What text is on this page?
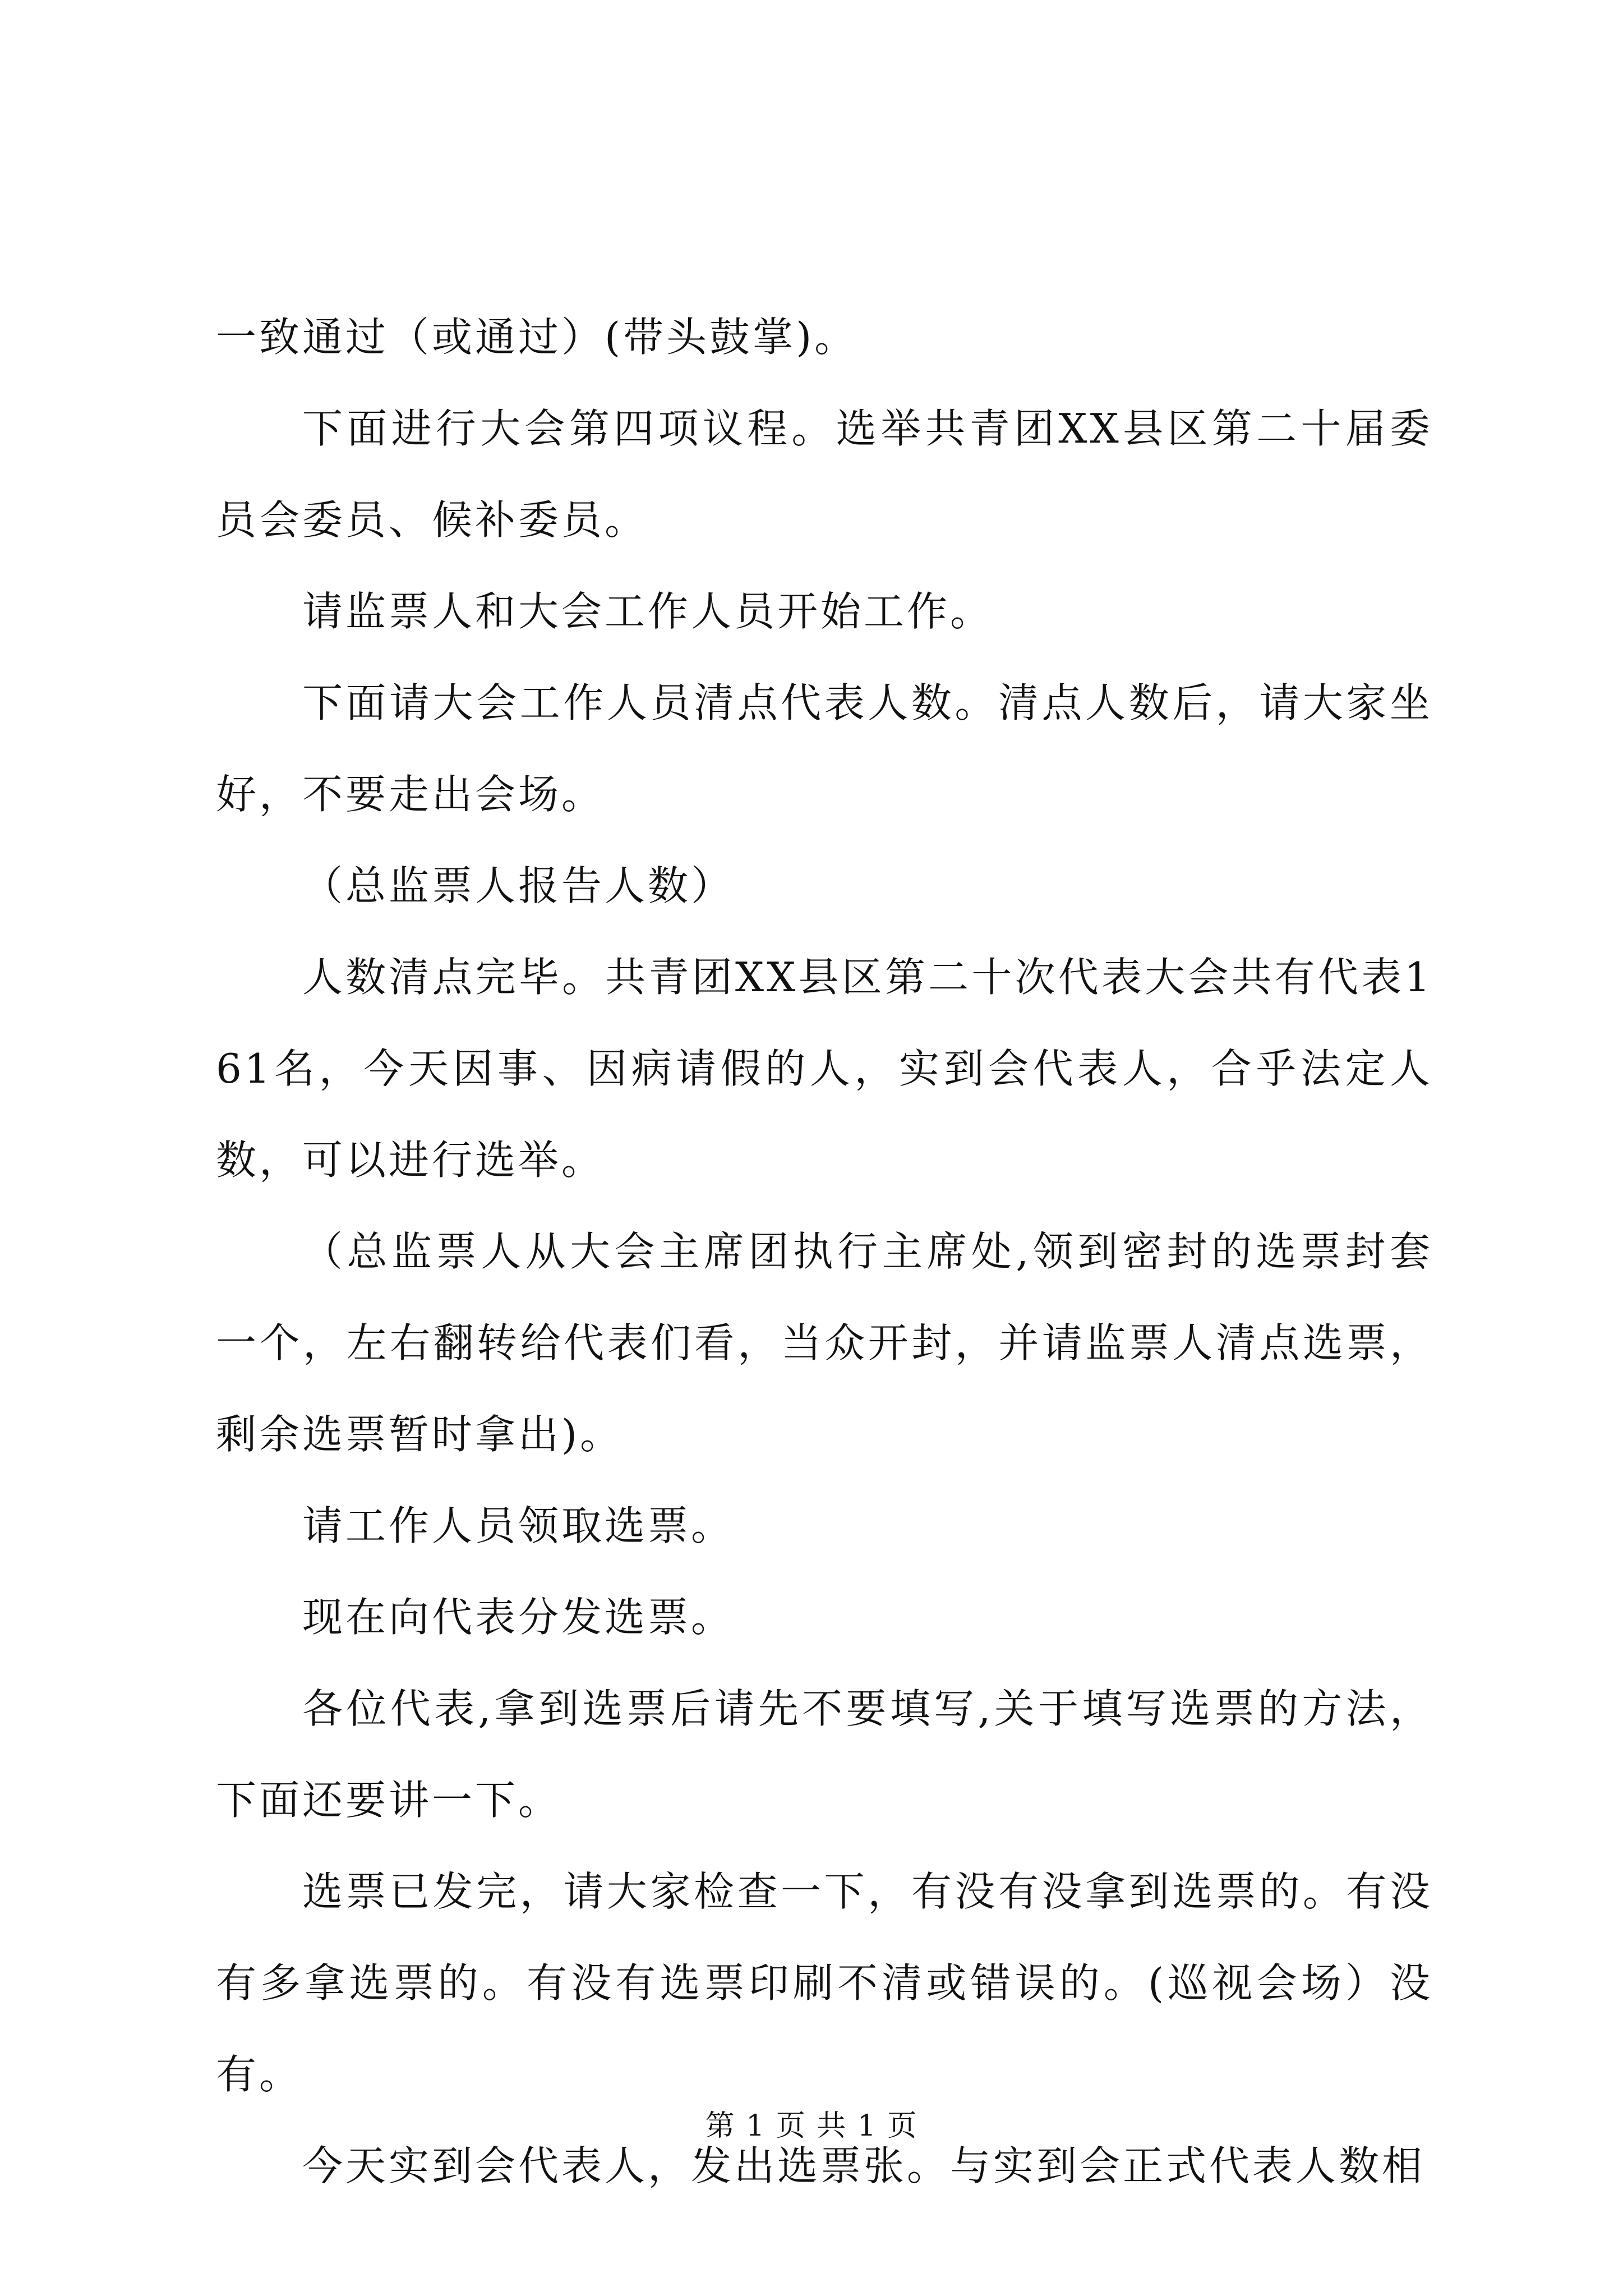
一致通过（或通过）(带头鼓掌)。

下面进行大会第四项议程。选举共青团XX县区第二十届委员会委员、候补委员。

请监票人和大会工作人员开始工作。

下面请大会工作人员清点代表人数。清点人数后，请大家坐好，不要走出会场。

（总监票人报告人数）

人数清点完毕。共青团XX县区第二十次代表大会共有代表161名，今天因事、因病请假的人，实到会代表人，合乎法定人数，可以进行选举。

（总监票人从大会主席团执行主席处,领到密封的选票封套一个，左右翻转给代表们看，当众开封，并请监票人清点选票，剩余选票暂时拿出)。

请工作人员领取选票。

现在向代表分发选票。

各位代表,拿到选票后请先不要填写,关于填写选票的方法，下面还要讲一下。

选票已发完，请大家检查一下，有没有没拿到选票的。有没有多拿选票的。有没有选票印刷不清或错误的。(巡视会场）没有。

今天实到会代表人，发出选票张。与实到会正式代表人数相

第 1 页 共 1 页
